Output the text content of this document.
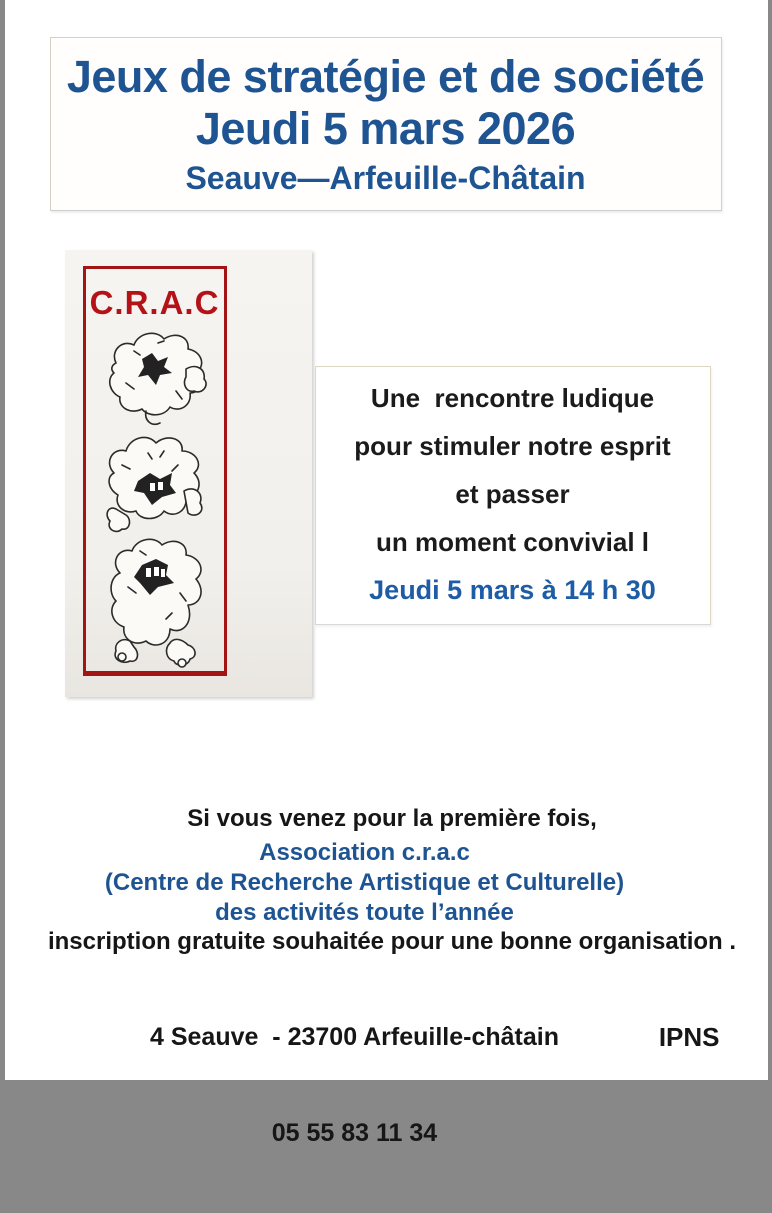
Jeux de stratégie et de société
Jeudi 5 mars 2026
Seauve—Arfeuille-Châtain
C.R.A.C
Une  rencontre ludique
pour stimuler notre esprit
et passer
un moment convivial l
Jeudi 5 mars à 14 h 30

Si vous venez pour la première fois,

inscription gratuite souhaitée pour une bonne organisation .

Association c.r.a.c
(Centre de Recherche Artistique et Culturelle)
des activités toute l’année

4 Seauve  - 23700 Arfeuille-châtain

05 55 83 11 34

IPNS
